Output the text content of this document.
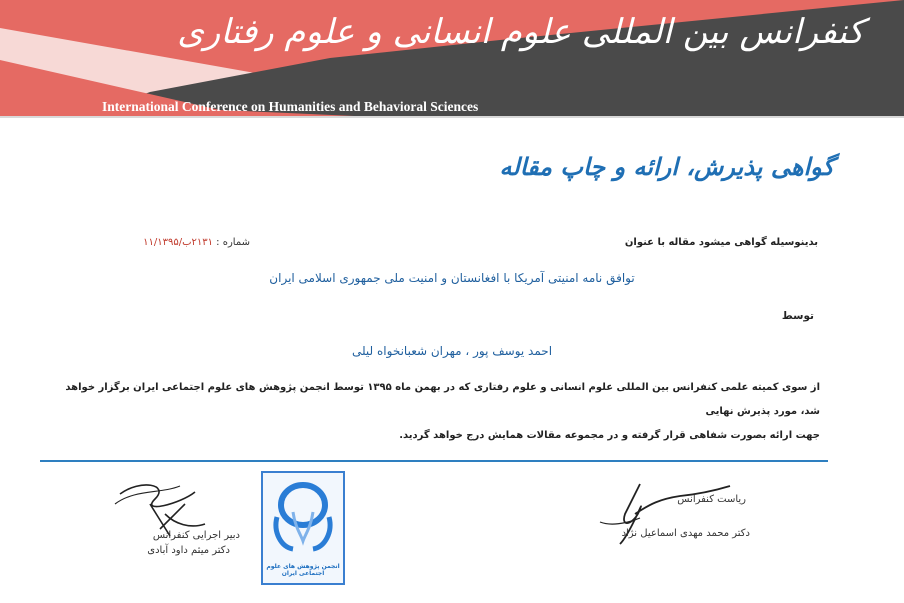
کنفرانس بین المللی علوم انسانی و علوم رفتاری
International Conference on Humanities and Behavioral Sciences
گواهی پذیرش، ارائه و چاپ مقاله
بدینوسیله گواهی میشود مقاله با عنوان
شماره : ۲۱۳۱ب/۱۱/۱۳۹۵
توافق نامه امنیتی آمریکا با افغانستان و امنیت ملی جمهوری اسلامی ایران
توسط
احمد یوسف پور ، مهران شعبانخواه لیلی
از سوی کمیته علمی کنفرانس بین المللی علوم انسانی و علوم رفتاری که در بهمن ماه ۱۳۹۵ توسط انجمن پژوهش های علوم اجتماعی ایران برگزار خواهد شد، مورد پذیرش نهایی
جهت ارائه بصورت شفاهی قرار گرفته و در مجموعه مقالات همایش درج خواهد گردید.
دبیر اجرایی کنفرانس
دکتر میثم داود آبادی
انجمن پژوهش های علوم اجتماعی ایران
ریاست کنفرانس
دکتر محمد مهدی اسماعیل نژاد
